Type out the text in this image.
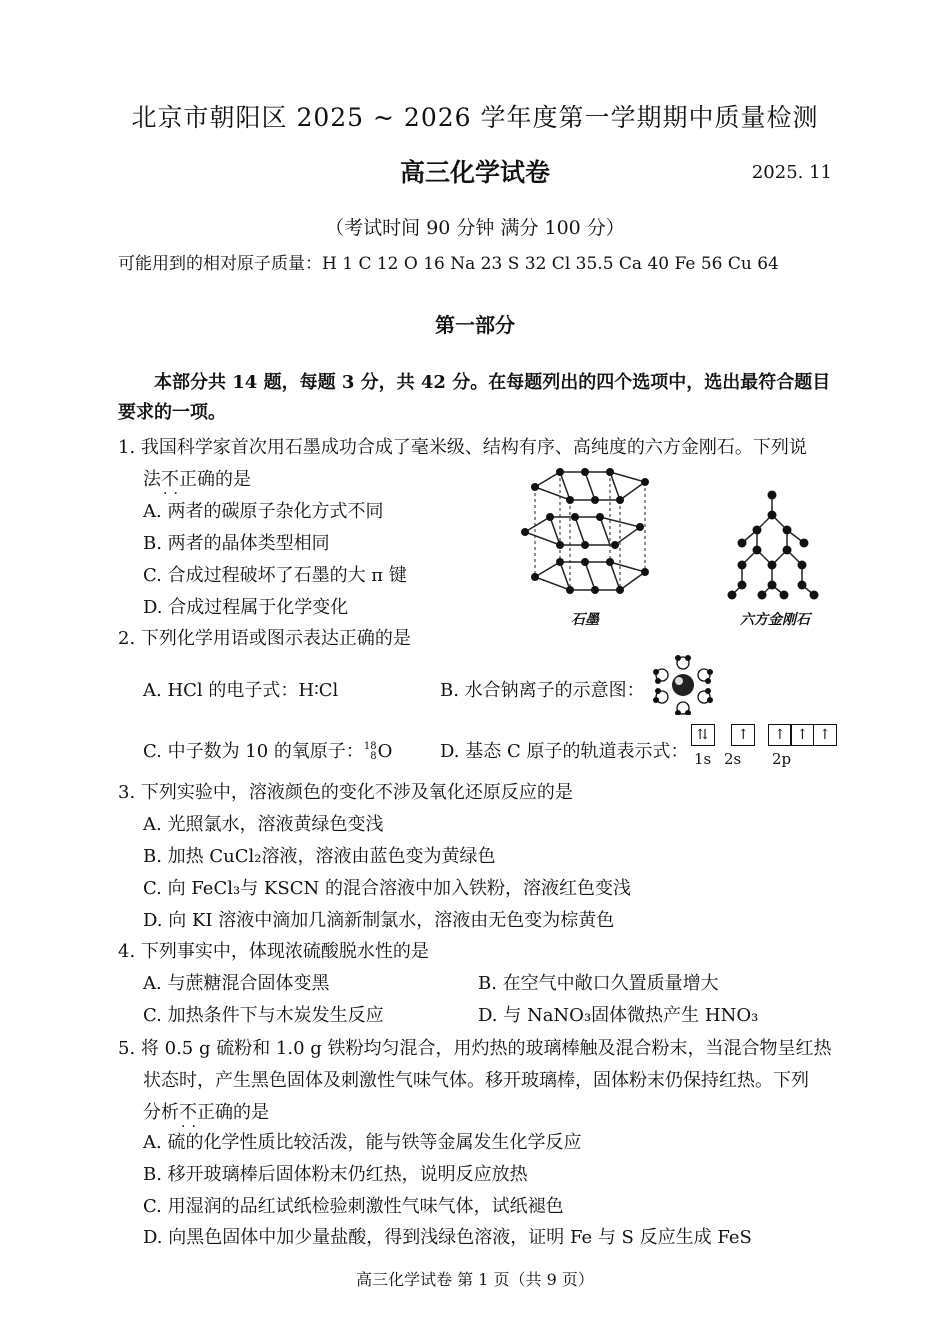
北京市朝阳区 2025 ~ 2026 学年度第一学期期中质量检测
高三化学试卷	2025. 11
（考试时间 90 分钟 满分 100 分）
可能用到的相对原子质量：H 1 C 12 O 16 Na 23 S 32 Cl 35.5 Ca 40 Fe 56 Cu 64
第一部分
本部分共 14 题，每题 3 分，共 42 分。在每题列出的四个选项中，选出最符合题目要求的一项。
1. 我国科学家首次用石墨成功合成了毫米级、结构有序、高纯度的六方金刚石。下列说
法不正确 ··的是
A. 两者的碳原子杂化方式不同
B. 两者的晶体类型相同
C. 合成过程破坏了石墨的大 π 键
D. 合成过程属于化学变化
石墨	六方金刚石
2. 下列化学用语或图示表达正确的是
A. HCl 的电子式：H∶Cl	B. 水合钠离子的示意图：
C. 中子数为 10 的氧原子：18
8O	D. 基态 C 原子的轨道表示式：
⇅ ↑ ↑ ↑ ↑
1s 2s 2p
3. 下列实验中，溶液颜色的变化不涉及氧化还原反应的是
A. 光照氯水，溶液黄绿色变浅
B. 加热 CuCl₂溶液，溶液由蓝色变为黄绿色
C. 向 FeCl₃与 KSCN 的混合溶液中加入铁粉，溶液红色变浅
D. 向 KI 溶液中滴加几滴新制氯水，溶液由无色变为棕黄色
4. 下列事实中，体现浓硫酸脱水性的是
A. 与蔗糖混合固体变黑	B. 在空气中敞口久置质量增大
C. 加热条件下与木炭发生反应	D. 与 NaNO₃固体微热产生 HNO₃
5. 将 0.5 g 硫粉和 1.0 g 铁粉均匀混合，用灼热的玻璃棒触及混合粉末，当混合物呈红热
状态时，产生黑色固体及刺激性气味气体。移开玻璃棒，固体粉末仍保持红热。下列
分析不正确 ··的是
A. 硫的化学性质比较活泼，能与铁等金属发生化学反应
B. 移开玻璃棒后固体粉末仍红热，说明反应放热
C. 用湿润的品红试纸检验刺激性气味气体，试纸褪色
D. 向黑色固体中加少量盐酸，得到浅绿色溶液，证明 Fe 与 S 反应生成 FeS
高三化学试卷 第 1 页（共 9 页）
